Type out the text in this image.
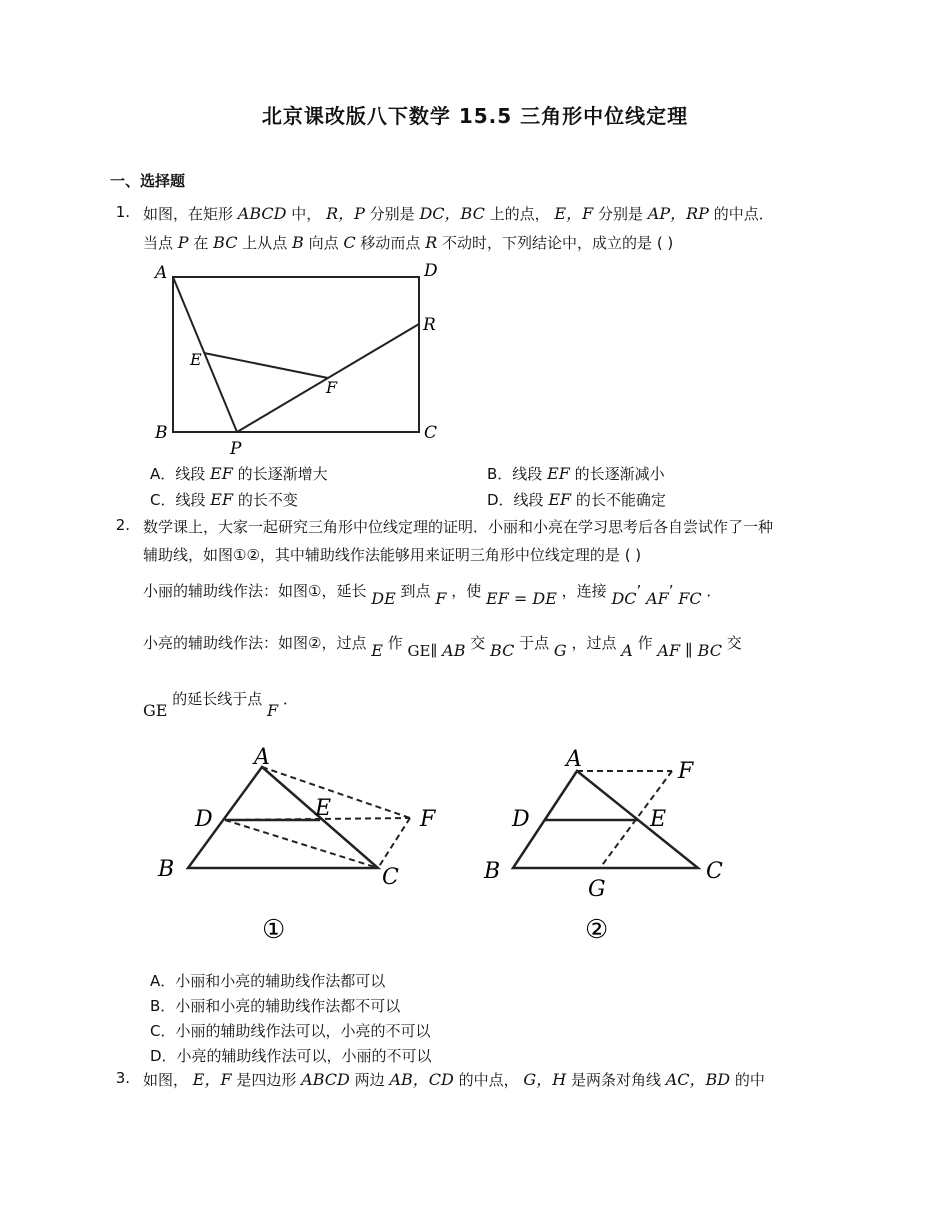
北京课改版八下数学 15.5 三角形中位线定理
一、选择题
1. 如图，在矩形 ABCD 中， R，P 分别是 DC，BC 上的点， E，F 分别是 AP，RP 的中点．
当点 P 在 BC 上从点 B 向点 C 移动而点 R 不动时，下列结论中，成立的是 ( )
A	D
R
E
F
B	C
P
A．线段 EF 的长逐渐增大	B．线段 EF 的长逐渐减小
C．线段 EF 的长不变	D．线段 EF 的长不能确定
2. 数学课上，大家一起研究三角形中位线定理的证明．小丽和小亮在学习思考后各自尝试作了一种
辅助线，如图①②，其中辅助线作法能够用来证明三角形中位线定理的是 ( )
小丽的辅助线作法：如图①，延长 DE 到点 F ，使 EF = DE ，连接 DC’ AF’ FC ．
小亮的辅助线作法：如图②，过点 E 作 GE∥ AB 交 BC 于点 G ，过点 A 作 AF ∥ BC 交
GE 的延长线于点 F ．
A
D	E	F
B	C
①
A	F
D	E
B	C
G
②
A．小丽和小亮的辅助线作法都可以
B．小丽和小亮的辅助线作法都不可以
C．小丽的辅助线作法可以，小亮的不可以
D．小亮的辅助线作法可以，小丽的不可以
3. 如图， E，F 是四边形 ABCD 两边 AB，CD 的中点， G，H 是两条对角线 AC，BD 的中
